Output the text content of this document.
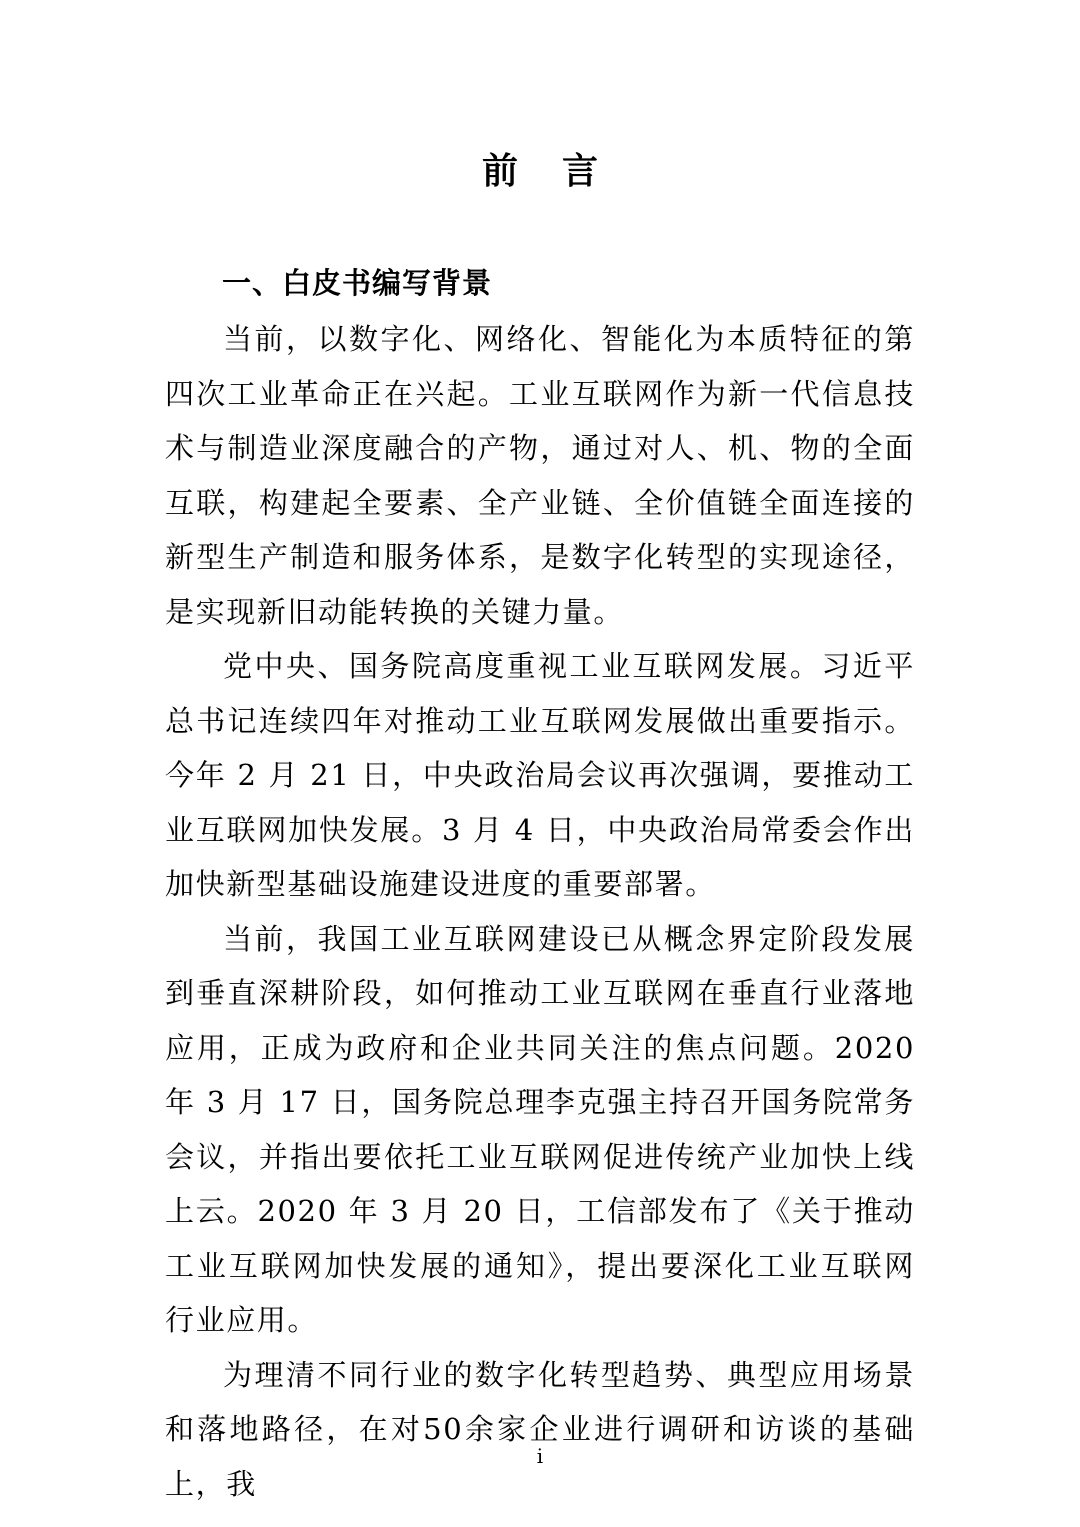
前言
一、白皮书编写背景

当前，以数字化、网络化、智能化为本质特征的第四次工业革命正在兴起。工业互联网作为新一代信息技术与制造业深度融合的产物，通过对人、机、物的全面互联，构建起全要素、全产业链、全价值链全面连接的新型生产制造和服务体系，是数字化转型的实现途径，是实现新旧动能转换的关键力量。

党中央、国务院高度重视工业互联网发展。习近平总书记连续四年对推动工业互联网发展做出重要指示。今年 2 月 21 日，中央政治局会议再次强调，要推动工业互联网加快发展。3 月 4 日，中央政治局常委会作出加快新型基础设施建设进度的重要部署。

当前，我国工业互联网建设已从概念界定阶段发展到垂直深耕阶段，如何推动工业互联网在垂直行业落地应用，正成为政府和企业共同关注的焦点问题。2020 年 3 月 17 日，国务院总理李克强主持召开国务院常务会议，并指出要依托工业互联网促进传统产业加快上线上云。2020 年 3 月 20 日，工信部发布了《关于推动工业互联网加快发展的通知》，提出要深化工业互联网行业应用。

为理清不同行业的数字化转型趋势、典型应用场景和落地路径，在对50余家企业进行调研和访谈的基础上，我

i
